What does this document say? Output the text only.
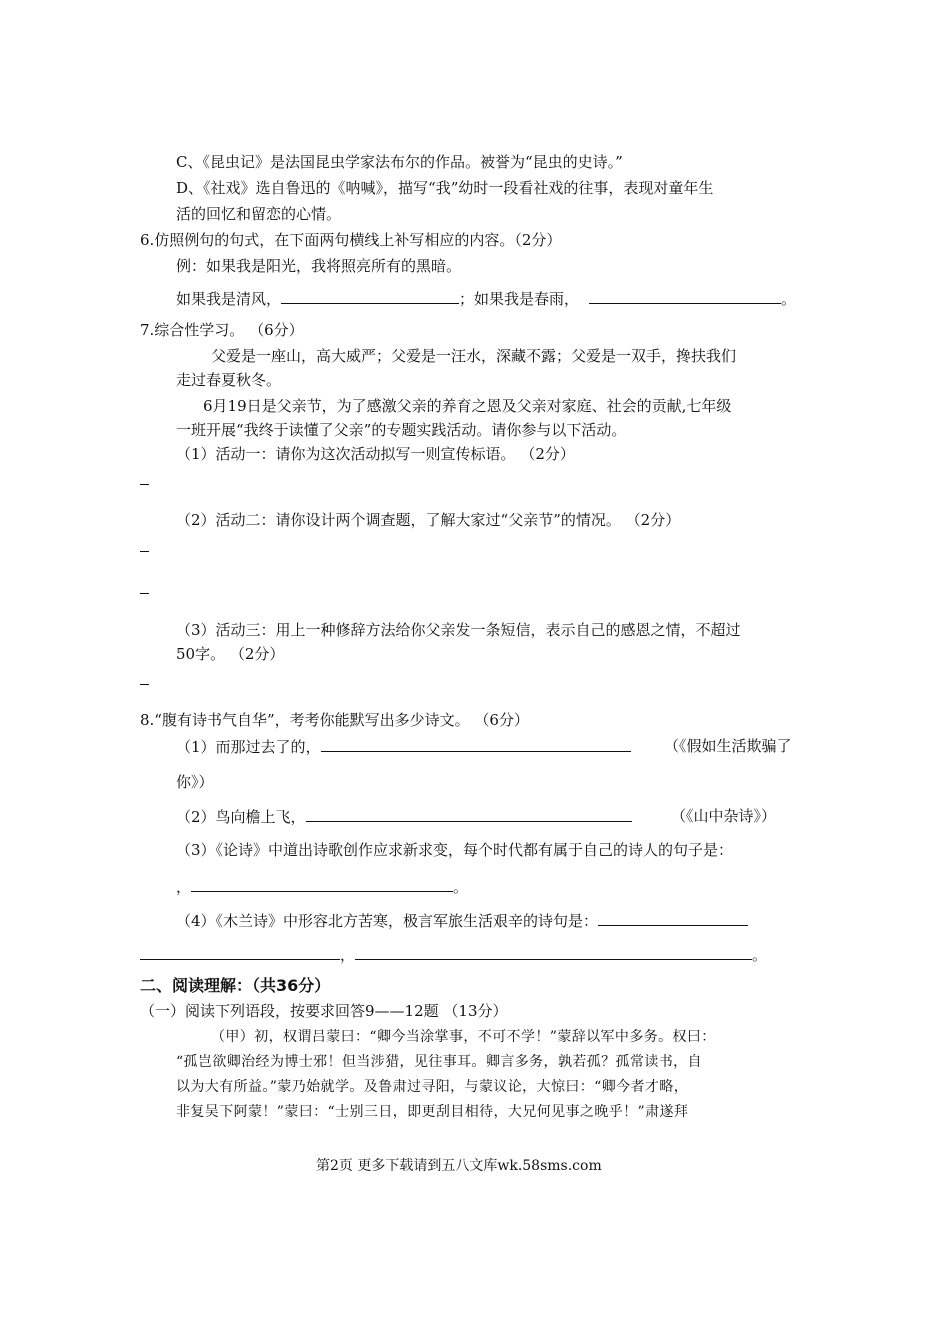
C、《昆虫记》是法国昆虫学家法布尔的作品。被誉为“昆虫的史诗。”
D、《社戏》选自鲁迅的《呐喊》，描写“我”幼时一段看社戏的往事，表现对童年生
活的回忆和留恋的心情。
6.仿照例句的句式，在下面两句横线上补写相应的内容。（2分）
例：如果我是阳光，我将照亮所有的黑暗。
如果我是清风，	；如果我是春雨，	。
7.综合性学习。 （6分）
父爱是一座山，高大威严；父爱是一汪水，深藏不露；父爱是一双手，搀扶我们
走过春夏秋冬。
6月19日是父亲节，为了感激父亲的养育之恩及父亲对家庭、社会的贡献,七年级
一班开展“我终于读懂了父亲”的专题实践活动。请你参与以下活动。
（1）活动一：请你为这次活动拟写一则宣传标语。 （2分）
（2）活动二：请你设计两个调查题，了解大家过“父亲节”的情况。 （2分）
（3）活动三：用上一种修辞方法给你父亲发一条短信，表示自己的感恩之情，不超过
50字。 （2分）
8.“腹有诗书气自华”，考考你能默写出多少诗文。 （6分）
（1）而那过去了的，	（《假如生活欺骗了
你》）
（2）鸟向檐上飞，	（《山中杂诗》）
（3）《论诗》中道出诗歌创作应求新求变，每个时代都有属于自己的诗人的句子是：
，	。
（4）《木兰诗》中形容北方苦寒，极言军旅生活艰辛的诗句是：
，	。
二、阅读理解：（共36分）
（一）阅读下列语段，按要求回答9——12题 （13分）
（甲）初，权谓吕蒙曰：“卿今当涂掌事，不可不学！”蒙辞以军中多务。权曰：
“孤岂欲卿治经为博士邪！但当涉猎，见往事耳。卿言多务，孰若孤？孤常读书，自
以为大有所益。”蒙乃始就学。及鲁肃过寻阳，与蒙议论，大惊曰：“卿今者才略，
非复吴下阿蒙！”蒙曰：“士别三日，即更刮目相待，大兄何见事之晚乎！”肃遂拜
第2页 更多下载请到五八文库wk.58sms.com
